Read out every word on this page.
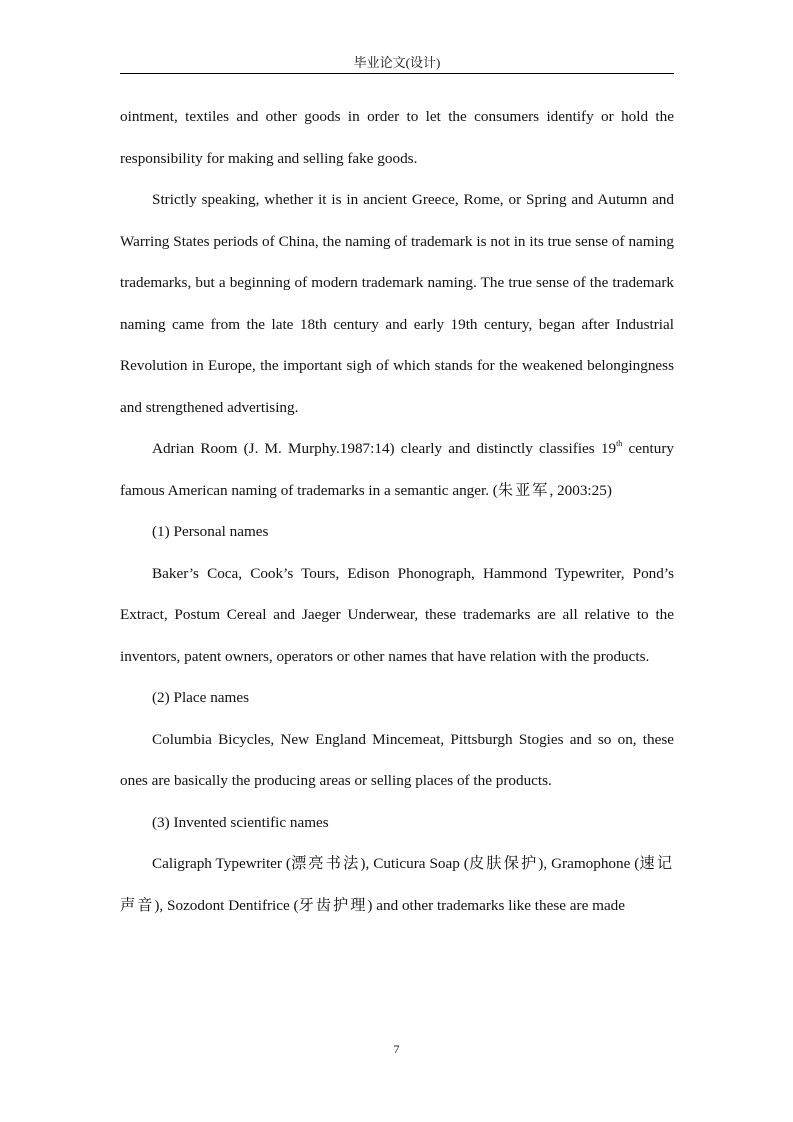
毕业论文(设计)

ointment, textiles and other goods in order to let the consumers identify or hold the responsibility for making and selling fake goods.

Strictly speaking, whether it is in ancient Greece, Rome, or Spring and Autumn and Warring States periods of China, the naming of trademark is not in its true sense of naming trademarks, but a beginning of modern trademark naming. The true sense of the trademark naming came from the late 18th century and early 19th century, began after Industrial Revolution in Europe, the important sigh of which stands for the weakened belongingness and strengthened advertising.

Adrian Room (J. M. Murphy.1987:14) clearly and distinctly classifies 19th century famous American naming of trademarks in a semantic anger. (朱亚军, 2003:25)

(1) Personal names

Baker’s Coca, Cook’s Tours, Edison Phonograph, Hammond Typewriter, Pond’s Extract, Postum Cereal and Jaeger Underwear, these trademarks are all relative to the inventors, patent owners, operators or other names that have relation with the products.

(2) Place names

Columbia Bicycles, New England Mincemeat, Pittsburgh Stogies and so on, these ones are basically the producing areas or selling places of the products.

(3) Invented scientific names

Caligraph Typewriter (漂亮书法), Cuticura Soap (皮肤保护), Gramophone (速记声音), Sozodont Dentifrice (牙齿护理) and other trademarks like these are made

7
